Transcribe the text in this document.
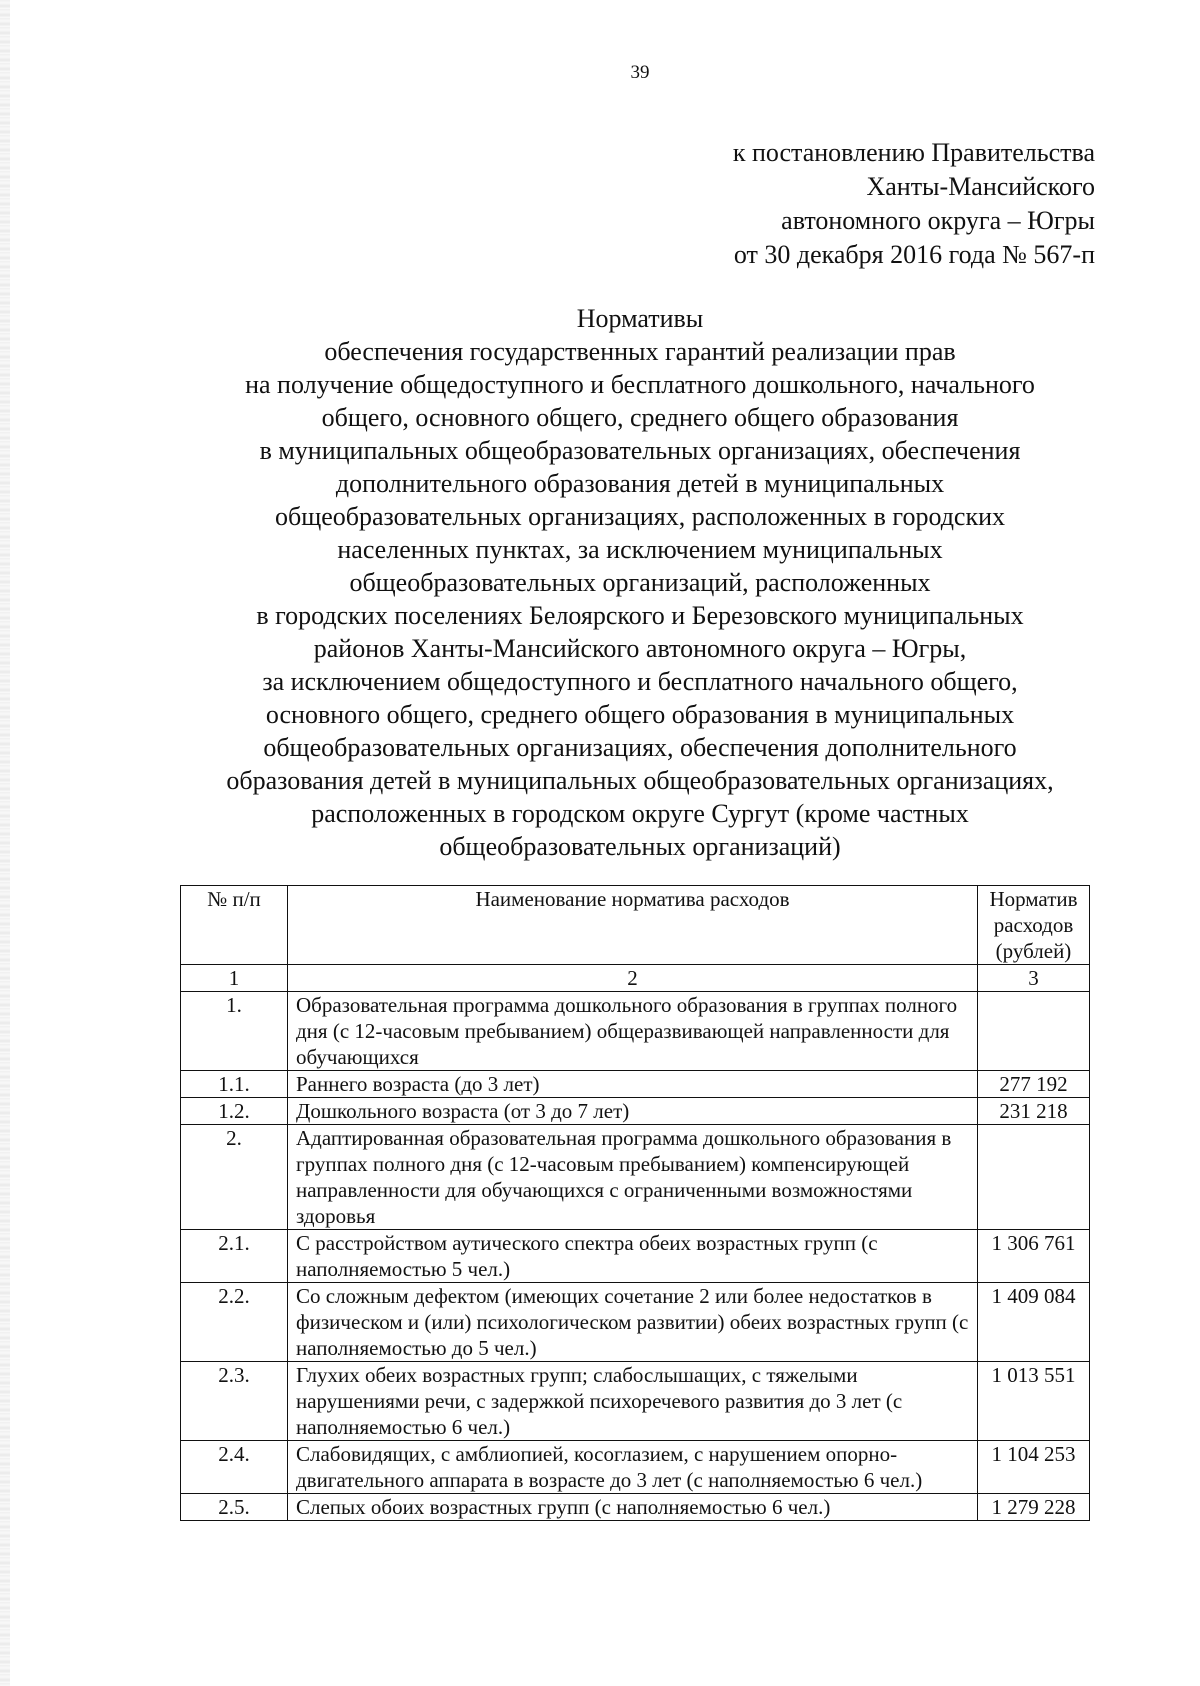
39
к постановлению Правительства
Ханты-Мансийского
автономного округа – Югры
от 30 декабря 2016 года № 567-п
Нормативы
обеспечения государственных гарантий реализации прав
на получение общедоступного и бесплатного дошкольного, начального
общего, основного общего, среднего общего образования
в муниципальных общеобразовательных организациях, обеспечения
дополнительного образования детей в муниципальных
общеобразовательных организациях, расположенных в городских
населенных пунктах, за исключением муниципальных
общеобразовательных организаций, расположенных
в городских поселениях Белоярского и Березовского муниципальных
районов Ханты-Мансийского автономного округа – Югры,
за исключением общедоступного и бесплатного начального общего,
основного общего, среднего общего образования в муниципальных
общеобразовательных организациях, обеспечения дополнительного
образования детей в муниципальных общеобразовательных организациях,
расположенных в городском округе Сургут (кроме частных
общеобразовательных организаций)
№ п/п	Наименование норматива расходов	Норматив расходов (рублей)
1	2	3
1.	Образовательная программа дошкольного образования в группах полного дня (с 12-часовым пребыванием) общеразвивающей направленности для обучающихся	
1.1.	Раннего возраста (до 3 лет)	277 192
1.2.	Дошкольного возраста (от 3 до 7 лет)	231 218
2.	Адаптированная образовательная программа дошкольного образования в группах полного дня (с 12-часовым пребыванием) компенсирующей направленности для обучающихся с ограниченными возможностями здоровья	
2.1.	С расстройством аутического спектра обеих возрастных групп (с наполняемостью 5 чел.)	1 306 761
2.2.	Со сложным дефектом (имеющих сочетание 2 или более недостатков в физическом и (или) психологическом развитии) обеих возрастных групп (с наполняемостью до 5 чел.)	1 409 084
2.3.	Глухих обеих возрастных групп; слабослышащих, с тяжелыми нарушениями речи, с задержкой психоречевого развития до 3 лет (с наполняемостью 6 чел.)	1 013 551
2.4.	Слабовидящих, с амблиопией, косоглазием, с нарушением опорно-двигательного аппарата в возрасте до 3 лет (с наполняемостью 6 чел.)	1 104 253
2.5.	Слепых обоих возрастных групп (с наполняемостью 6 чел.)	1 279 228
